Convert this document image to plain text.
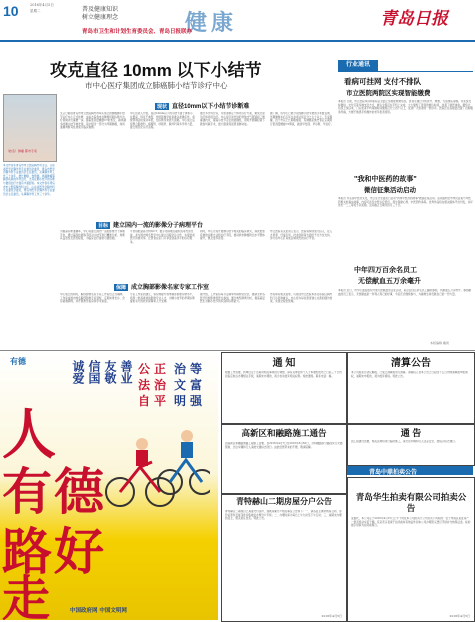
10	普及健康知识
树立健康理念
2016年4月5日
星期二	健康	青岛日报
青岛市卫生和计划生育委员会、青岛日报联办
攻克直径 10mm 以下小结节
市中心医疗集团成立肺癌肺小结节诊疗中心
（姓名）肿瘤 都市专家
本文作者系青岛市市立医院胸外科主任，山东省医学会胸外科专业委员会委员，青岛市医学会胸外科专业委员会主任委员，从事胸外科工作三十余年，擅长肺癌、食管癌、纵隔肿瘤等胸部疾病的外科治疗，尤其在肺小结节的诊断与微创治疗方面有丰富经验。本文作者系青岛市市立医院胸外科主任，山东省医学会胸外科专业委员会委员，青岛市医学会胸外科专业委员会主任委员，从事胸外科工作三十余年。
现状 直径10mm以下小结节诊断难
文章日前由青岛市市立医院胸外科牵头成立的肺癌肺小结节诊疗中心正式挂牌，这标志着我市在肺癌早期诊断与治疗领域迈出重要一步。随着低剂量螺旋CT的普及，越来越多的肺小结节被发现，其中相当一部分为早期肺癌，如何准确判断其性质成为临床难题。
中心负责人介绍，直径10mm以下的小结节由于体积小、位置深、特征不典型，传统影像学检查难以准确定性，常规穿刺活检成功率低，给诊断带来很大困难。中心成立后将整合影像科、病理科、呼吸科、胸外科等多学科力量，建立规范化诊疗流程。
通过多学科会诊，为患者制定个体化诊疗方案，避免过度治疗和延误治疗。中心将引进先进的导航支气管镜和三维重建技术，提高小结节定位的准确性，同时开展胸腔镜下微创切除手术，最大限度保留患者肺功能。
据了解，该中心已累计完成肺小结节微创手术数百例，早期肺癌术后五年生存率达到百分之九十以上。专家提醒，四十岁以上长期吸烟者、有肺癌家族史者应定期进行低剂量螺旋CT筛查，做到早发现、早诊断、早治疗。
目标 建立国内一流的影像分子病理平台
为提高诊断准确率，中心将建立国内一流的影像分子病理平台，通过基因检测等手段对小结节进行精准分析，判断其良恶性及恶性程度，为临床治疗提供可靠依据。
平台将配备高分辨率CT、数字化病理扫描系统等先进设备，并与国内知名医学中心建立远程会诊合作，实现优质医疗资源共享，让患者在家门口享受到高水平的诊疗服务。
同时，中心还将开展肺小结节相关的临床研究，探索更加有效的诊断方法和治疗手段，推动我市肺癌防治水平整体提升，惠及更多患者。
市立医院有关负责人表示，医院将持续加大投入，在人才培养、设备引进、技术创新等方面给予全方位支持，努力将中心打造成区域领先的诊疗平台。
保障 成立胸部影像名家专家工作室
中心成立的同时，胸部影像名家专家工作室也正式揭牌。工作室由国内知名胸部影像专家领衔，定期来青坐诊、会诊疑难病例，并开展教学查房和学术讲座。
专家工作室的建立，将有效提升我市胸部影像诊断水平，培养一批高素质的影像专业人才，为肺小结节的早期诊断提供有力的技术保障和人才支撑。
据介绍，工作室将每月定期举办病例讨论会，邀请全市各医疗机构影像科医生参加，通过典型病例分析，提高基层医生对肺小结节的识别和诊断能力。
市民如有相关需求，可前往市立医院本部及东院区胸外科门诊咨询就诊，中心将为每位患者建立完善的随访档案，实现全程化管理。
行业通讯
看病可挂网 支付不排队
市立医院两院区实现智能缴费
本报讯 日前，市立医院本部和东院区全面上线智能缴费系统，患者可通过手机挂号、缴费，无需排队等候。该系统支持微信、支付宝等多种支付方式，就诊全程可在手机上完成，大大缩短了患者的候诊时间，改善了就医体验。据统计，系统上线以来，门诊患者平均等候时间缩短百分之四十以上，受到广大患者的一致好评。医院还在各楼层设置了自助服务终端，方便不熟悉手机操作的老年患者使用。
"我和中医药的故事"
微信征集活动启动
本报讯 为弘扬中医药文化，市卫生计生委近日启动"我和中医药的故事"微信征集活动。活动面向全市市民征集与中医药相关的真实故事，内容可涉及中医诊疗经历、养生保健心得、中医药传承等。优秀作品将在相关媒体平台刊发，并评选出一二三等奖予以奖励。活动截止日期为四月三十日。
中年四万百余名员工
无偿献血五万余毫升
本报讯 近日，市中心血站组织开展无偿献血进企业活动，某企业四百余名员工踊跃参加，共献血五万余毫升。参加献血的员工表示，无偿献血是一件利人利己的好事，今后还会继续参与，为挽救生命贡献自己的一份力量。
本版编辑 戴建
有德	诚爱 信国 友敬 善业 公 正
法 治
自 平
治 等
文 富
明 强
人
有 德
路 好
走	中国政府网 中国文明网
通 知
根据工作需要，我单位定于近期对相关事项进行调整，请有关单位和个人于本通知发布之日起三十日内到指定地点办理相关手续，逾期未办理的，视为自动放弃相关权利。特此通知。联系电话：略。
高新区和融路施工通告
因高新区和融路道路工程施工需要，自2016年4月7日至2016年6月30日，对和融路部分路段实行交通管制，过往车辆和行人请按交通标志绕行。由此给您带来的不便，敬请谅解。
青特赫山二期房屋分户公告
青特赫山二期项目已具备交付条件，现就房屋分户相关事宜公告如下：一、请各业主携带购房合同、身份证原件及复印件到售楼处办理分户手续；二、办理时间为每日上午九时至下午五时；三、逾期未办理的业主，相关责任自负。特此公告。
2016年4月5日
清算公告
本公司股东会决议解散，已成立清算组进行清算。请债权人自本公告之日起四十五日内向清算组申报债权，逾期未申报的，视为放弃债权。特此公告。
通 告
因工程建设需要，相关区域将进行临时施工，请过往车辆和行人注意安全，按指示标志通行。
青岛中鼎拍卖公告
青岛华生拍卖有限公司拍卖公告
受委托，本公司定于2016年4月15日上午十时在本公司拍卖厅公开拍卖下列标的：位于市南区某处房产一套及机动车若干辆。有意竞买者请于拍卖前持有效证件到本公司办理竞买登记手续并交纳保证金。标的展示时间为拍卖前两日。
2016年4月5日
